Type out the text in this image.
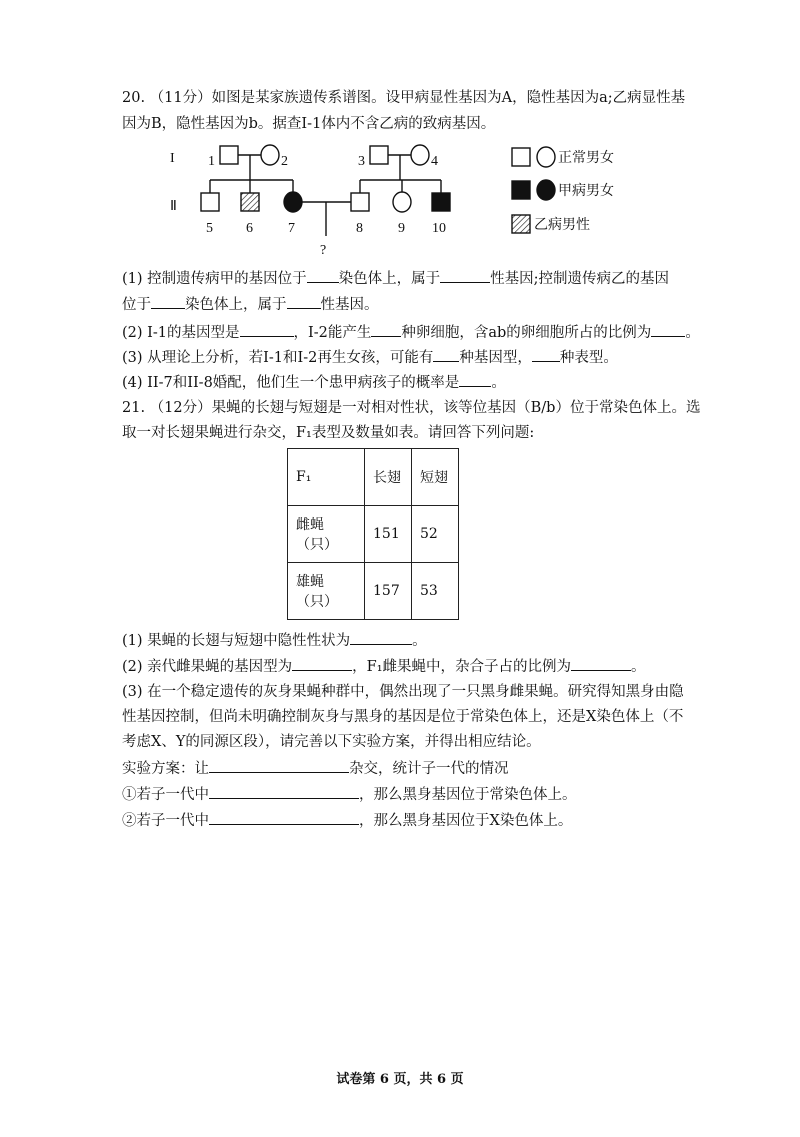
20. （11分）如图是某家族遗传系谱图。设甲病显性基因为A，隐性基因为a;乙病显性基
因为B，隐性基因为b。据查I-1体内不含乙病的致病基因。
I
Ⅱ
1	2	3	4
5 6	7	8	9 10
?
正常男女
甲病男女
乙病男性
(1) 控制遗传病甲的基因位于 染色体上，属于	性基因;控制遗传病乙的基因
位于 染色体上，属于 性基因。
(2) I-1的基因型是	，I-2能产生 种卵细胞，含ab的卵细胞所占的比例为 。
(3) 从理论上分析，若I-1和I-2再生女孩，可能有 种基因型， 种表型。
(4) II-7和II-8婚配，他们生一个患甲病孩子的概率是 。
21. （12分）果蝇的长翅与短翅是一对相对性状，该等位基因（B/b）位于常染色体上。选
取一对长翅果蝇进行杂交，F₁表型及数量如表。请回答下列问题:
F₁	长翅	短翅
雌蝇（只）	151	52
雄蝇（只）	157	53
(1) 果蝇的长翅与短翅中隐性性状为	。
(2) 亲代雌果蝇的基因型为	，F₁雌果蝇中，杂合子占的比例为	。
(3) 在一个稳定遗传的灰身果蝇种群中，偶然出现了一只黑身雌果蝇。研究得知黑身由隐
性基因控制，但尚未明确控制灰身与黑身的基因是位于常染色体上，还是X染色体上（不
考虑X、Y的同源区段），请完善以下实验方案，并得出相应结论。
实验方案：让	杂交，统计子一代的情况
①若子一代中	，那么黑身基因位于常染色体上。
②若子一代中	，那么黑身基因位于X染色体上。
试卷第 6 页，共 6 页
